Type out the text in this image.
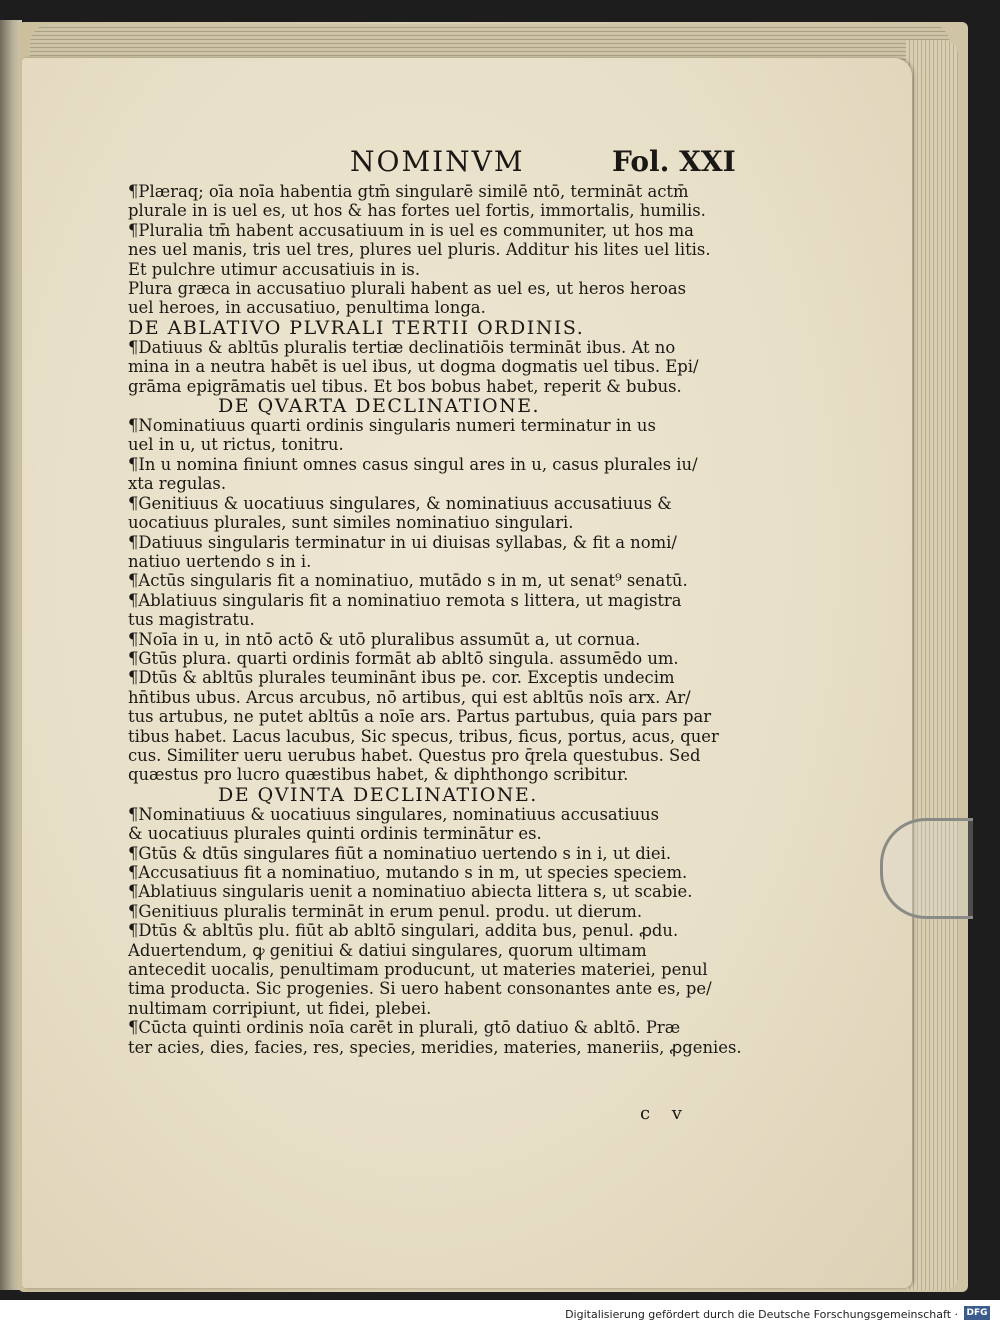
NOMINVM	Fol. XXI
¶Plæraq; oīa noīa habentia gtm̄ singularē similē ntō, termināt actm̄
plurale in is uel es, ut hos & has fortes uel fortis, immortalis, humilis.
¶Pluralia tm̄ habent accusatiuum in is uel es communiter, ut hos ma
nes uel manis, tris uel tres, plures uel pluris. Additur his lites uel litis.
Et pulchre utimur accusatiuis in is.
Plura græca in accusatiuo plurali habent as uel es, ut heros heroas
uel heroes, in accusatiuo, penultima longa.
DE ABLATIVO PLVRALI TERTII ORDINIS.
¶Datiuus & abltūs pluralis tertiæ declinatiōis termināt ibus. At no
mina in a neutra habēt is uel ibus, ut dogma dogmatis uel tibus. Epi/
grāma epigrāmatis uel tibus. Et bos bobus habet, reperit & bubus.
DE QVARTA DECLINATIONE.
¶Nominatiuus quarti ordinis singularis numeri terminatur in us
uel in u, ut rictus, tonitru.
¶In u nomina finiunt omnes casus singul ares in u, casus plurales iu/
xta regulas.
¶Genitiuus & uocatiuus singulares, & nominatiuus accusatiuus &
uocatiuus plurales, sunt similes nominatiuo singulari.
¶Datiuus singularis terminatur in ui diuisas syllabas, & fit a nomi/
natiuo uertendo s in i.
¶Actūs singularis fit a nominatiuo, mutādo s in m, ut senat⁹ senatū.
¶Ablatiuus singularis fit a nominatiuo remota s littera, ut magistra
tus magistratu.
¶Noīa in u, in ntō actō & utō pluralibus assumūt a, ut cornua.
¶Gtūs plura. quarti ordinis formāt ab abltō singula. assumēdo um.
¶Dtūs & abltūs plurales teuminānt ibus pe. cor. Exceptis undecim
hn̄tibus ubus. Arcus arcubus, nō artibus, qui est abltūs noīs arx. Ar/
tus artubus, ne putet abltūs a noīe ars. Partus partubus, quia pars par
tibus habet. Lacus lacubus, Sic specus, tribus, ficus, portus, acus, quer
cus. Similiter ueru uerubus habet. Questus pro q̄rela questubus. Sed
quæstus pro lucro quæstibus habet, & diphthongo scribitur.
DE QVINTA DECLINATIONE.
¶Nominatiuus & uocatiuus singulares, nominatiuus accusatiuus
& uocatiuus plurales quinti ordinis terminātur es.
¶Gtūs & dtūs singulares fiūt a nominatiuo uertendo s in i, ut diei.
¶Accusatiuus fit a nominatiuo, mutando s in m, ut species speciem.
¶Ablatiuus singularis uenit a nominatiuo abiecta littera s, ut scabie.
¶Genitiuus pluralis termināt in erum penul. produ. ut dierum.
¶Dtūs & abltūs plu. fiūt ab abltō singulari, addita bus, penul. ꝓdu.
Aduertendum, ꝙ genitiui & datiui singulares, quorum ultimam
antecedit uocalis, penultimam producunt, ut materies materiei, penul
tima producta. Sic progenies. Si uero habent consonantes ante es, pe/
nultimam corripiunt, ut fidei, plebei.
¶Cūcta quinti ordinis noīa carēt in plurali, gtō datiuo & abltō. Præ
ter acies, dies, facies, res, species, meridies, materies, maneriis, ꝓgenies.
c v
Digitalisierung gefördert durch die Deutsche Forschungsgemeinschaft · DFG
